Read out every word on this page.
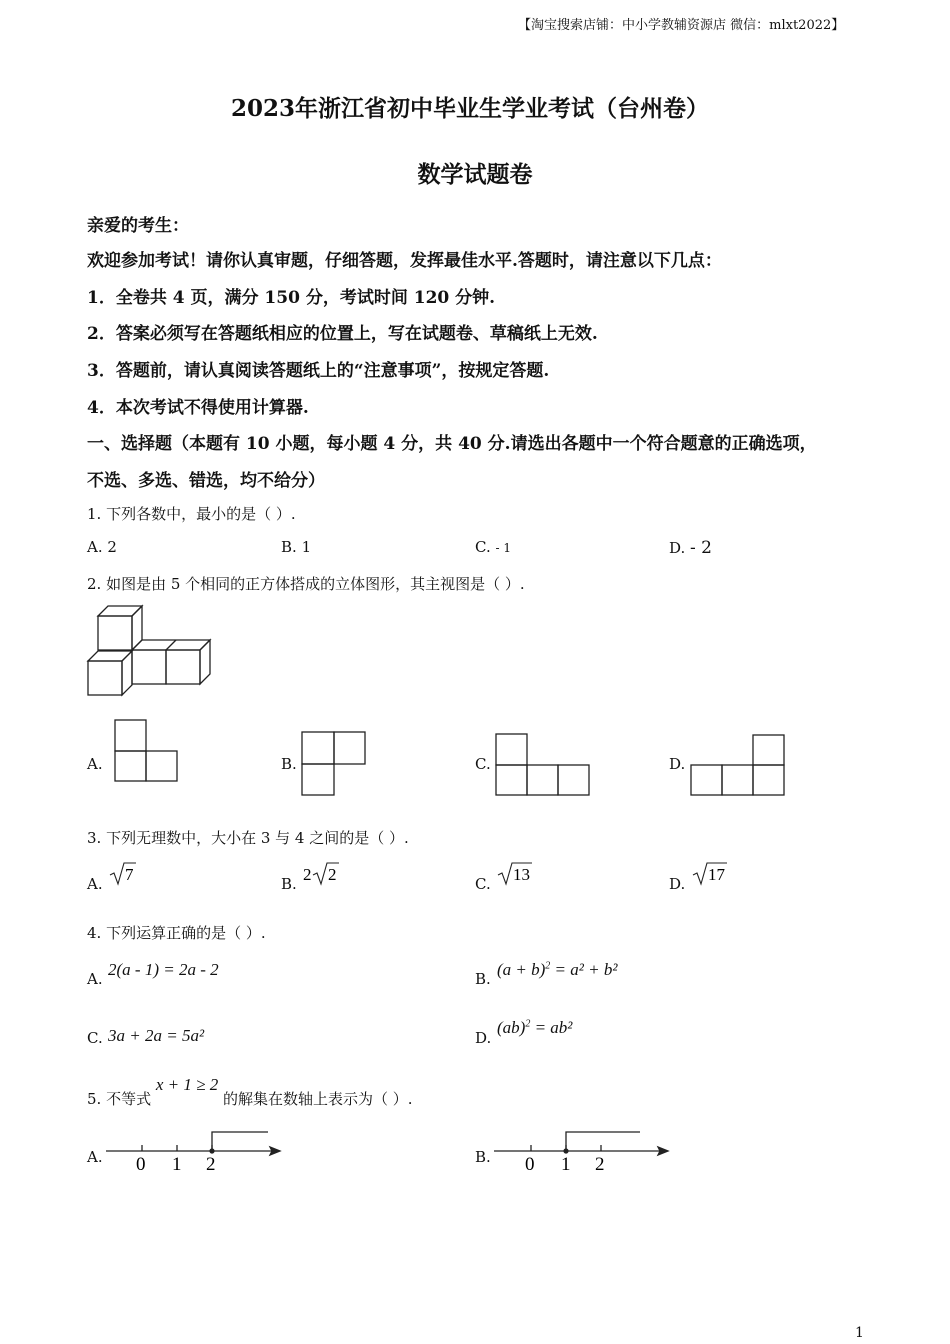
【淘宝搜索店铺：中小学教辅资源店 微信：mlxt2022】
2023年浙江省初中毕业生学业考试（台州卷）
数学试题卷
亲爱的考生：
欢迎参加考试！请你认真审题，仔细答题，发挥最佳水平.答题时，请注意以下几点：
1．全卷共 4 页，满分 150 分，考试时间 120 分钟.
2．答案必须写在答题纸相应的位置上，写在试题卷、草稿纸上无效.
3．答题前，请认真阅读答题纸上的“注意事项”，按规定答题.
4．本次考试不得使用计算器.
一、选择题（本题有 10 小题，每小题 4 分，共 40 分.请选出各题中一个符合题意的正确选项，
不选、多选、错选，均不给分）
1. 下列各数中，最小的是（ ）.
A. 2	B. 1	C. - 1	D. - 2
2. 如图是由 5 个相同的正方体搭成的立体图形，其主视图是（ ）.
A.	B.	C.	D.
3. 下列无理数中，大小在 3 与 4 之间的是（ ）.
A. 7	B. 2 2	C. 13	D. 17
4. 下列运算正确的是（ ）.
A. 2(a - 1) = 2a - 2	B. $(a + b)^2 = a^2 + b^2$
C. 3a + 2a = 5a²	D.
(ab)$^2$ = ab²
5. 不等式 x + 1 ≥ 2 的解集在数轴上表示为（ ）.
A. 0 1 2	B. 0 1 2
1
